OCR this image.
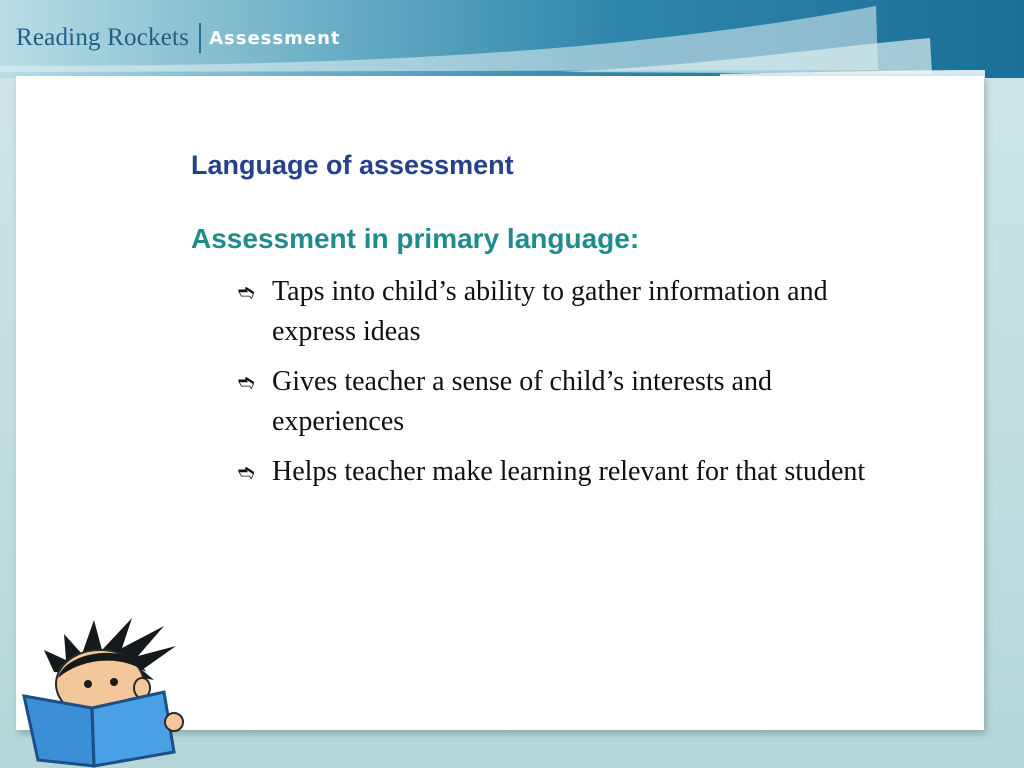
Reading Rockets Assessment
Language of assessment
Assessment in primary language:
➬ Taps into child’s ability to gather information and express ideas
➬ Gives teacher a sense of child’s interests and experiences
➬ Helps teacher make learning relevant for that student
